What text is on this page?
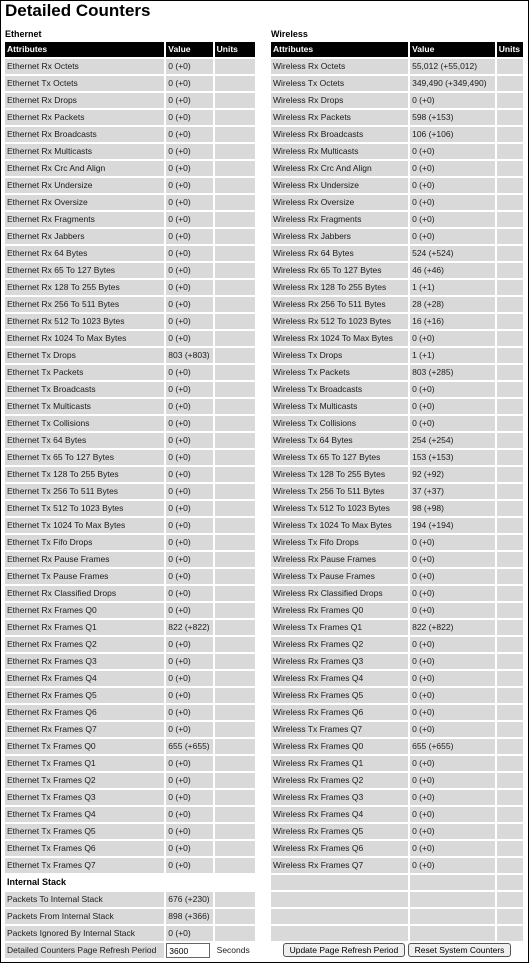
Detailed Counters
Ethernet	Wireless
Attributes	Value	Units
Ethernet Rx Octets	0 (+0)	
Ethernet Tx Octets	0 (+0)	
Ethernet Rx Drops	0 (+0)	
Ethernet Rx Packets	0 (+0)	
Ethernet Rx Broadcasts	0 (+0)	
Ethernet Rx Multicasts	0 (+0)	
Ethernet Rx Crc And Align	0 (+0)	
Ethernet Rx Undersize	0 (+0)	
Ethernet Rx Oversize	0 (+0)	
Ethernet Rx Fragments	0 (+0)	
Ethernet Rx Jabbers	0 (+0)	
Ethernet Rx 64 Bytes	0 (+0)	
Ethernet Rx 65 To 127 Bytes	0 (+0)	
Ethernet Rx 128 To 255 Bytes	0 (+0)	
Ethernet Rx 256 To 511 Bytes	0 (+0)	
Ethernet Rx 512 To 1023 Bytes	0 (+0)	
Ethernet Rx 1024 To Max Bytes	0 (+0)	
Ethernet Tx Drops	803 (+803)	
Ethernet Tx Packets	0 (+0)	
Ethernet Tx Broadcasts	0 (+0)	
Ethernet Tx Multicasts	0 (+0)	
Ethernet Tx Collisions	0 (+0)	
Ethernet Tx 64 Bytes	0 (+0)	
Ethernet Tx 65 To 127 Bytes	0 (+0)	
Ethernet Tx 128 To 255 Bytes	0 (+0)	
Ethernet Tx 256 To 511 Bytes	0 (+0)	
Ethernet Tx 512 To 1023 Bytes	0 (+0)	
Ethernet Tx 1024 To Max Bytes	0 (+0)	
Ethernet Tx Fifo Drops	0 (+0)	
Ethernet Rx Pause Frames	0 (+0)	
Ethernet Tx Pause Frames	0 (+0)	
Ethernet Rx Classified Drops	0 (+0)	
Ethernet Rx Frames Q0	0 (+0)	
Ethernet Rx Frames Q1	822 (+822)	
Ethernet Rx Frames Q2	0 (+0)	
Ethernet Rx Frames Q3	0 (+0)	
Ethernet Rx Frames Q4	0 (+0)	
Ethernet Rx Frames Q5	0 (+0)	
Ethernet Rx Frames Q6	0 (+0)	
Ethernet Rx Frames Q7	0 (+0)	
Ethernet Tx Frames Q0	655 (+655)	
Ethernet Tx Frames Q1	0 (+0)	
Ethernet Tx Frames Q2	0 (+0)	
Ethernet Tx Frames Q3	0 (+0)	
Ethernet Tx Frames Q4	0 (+0)	
Ethernet Tx Frames Q5	0 (+0)	
Ethernet Tx Frames Q6	0 (+0)	
Ethernet Tx Frames Q7	0 (+0)	
Internal Stack		
Packets To Internal Stack	676 (+230)	
Packets From Internal Stack	898 (+366)	
Packets Ignored By Internal Stack	0 (+0)	
Detailed Counters Page Refresh Period	3600	Seconds
Attributes	Value	Units
Wireless Rx Octets	55,012 (+55,012)	
Wireless Tx Octets	349,490 (+349,490)	
Wireless Rx Drops	0 (+0)	
Wireless Rx Packets	598 (+153)	
Wireless Rx Broadcasts	106 (+106)	
Wireless Rx Multicasts	0 (+0)	
Wireless Rx Crc And Align	0 (+0)	
Wireless Rx Undersize	0 (+0)	
Wireless Rx Oversize	0 (+0)	
Wireless Rx Fragments	0 (+0)	
Wireless Rx Jabbers	0 (+0)	
Wireless Rx 64 Bytes	524 (+524)	
Wireless Rx 65 To 127 Bytes	46 (+46)	
Wireless Rx 128 To 255 Bytes	1 (+1)	
Wireless Rx 256 To 511 Bytes	28 (+28)	
Wireless Rx 512 To 1023 Bytes	16 (+16)	
Wireless Rx 1024 To Max Bytes	0 (+0)	
Wireless Tx Drops	1 (+1)	
Wireless Tx Packets	803 (+285)	
Wireless Tx Broadcasts	0 (+0)	
Wireless Tx Multicasts	0 (+0)	
Wireless Tx Collisions	0 (+0)	
Wireless Tx 64 Bytes	254 (+254)	
Wireless Tx 65 To 127 Bytes	153 (+153)	
Wireless Tx 128 To 255 Bytes	92 (+92)	
Wireless Tx 256 To 511 Bytes	37 (+37)	
Wireless Tx 512 To 1023 Bytes	98 (+98)	
Wireless Tx 1024 To Max Bytes	194 (+194)	
Wireless Tx Fifo Drops	0 (+0)	
Wireless Rx Pause Frames	0 (+0)	
Wireless Tx Pause Frames	0 (+0)	
Wireless Rx Classified Drops	0 (+0)	
Wireless Rx Frames Q0	0 (+0)	
Wireless Tx Frames Q1	822 (+822)	
Wireless Rx Frames Q2	0 (+0)	
Wireless Rx Frames Q3	0 (+0)	
Wireless Rx Frames Q4	0 (+0)	
Wireless Rx Frames Q5	0 (+0)	
Wireless Rx Frames Q6	0 (+0)	
Wireless Tx Frames Q7	0 (+0)	
Wireless Rx Frames Q0	655 (+655)	
Wireless Rx Frames Q1	0 (+0)	
Wireless Rx Frames Q2	0 (+0)	
Wireless Rx Frames Q3	0 (+0)	
Wireless Rx Frames Q4	0 (+0)	
Wireless Rx Frames Q5	0 (+0)	
Wireless Rx Frames Q6	0 (+0)	
Wireless Rx Frames Q7	0 (+0)	

Update Page Refresh Period Reset System Counters		
